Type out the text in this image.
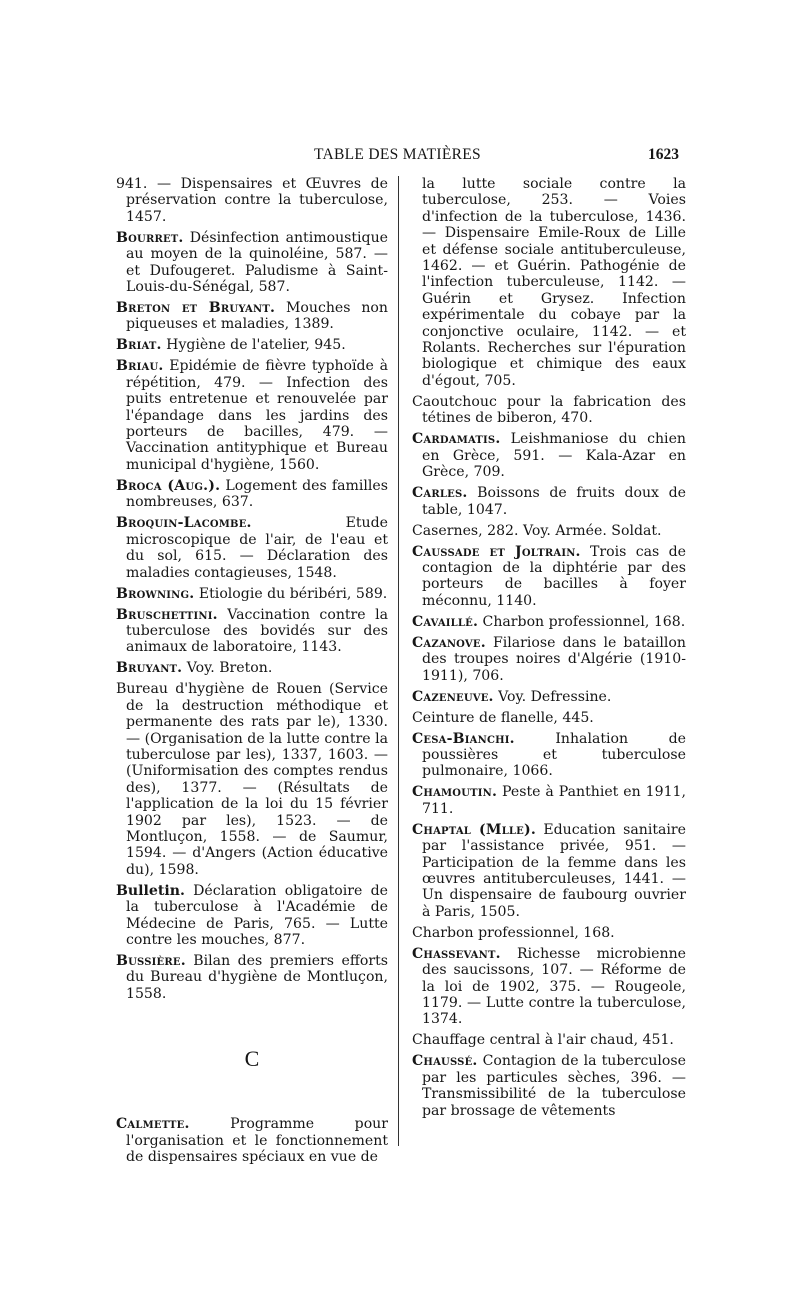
TABLE DES MATIÈRES	1623

941. — Dispensaires et Œuvres de préservation contre la tuberculose, 1457.

Bourret. Désinfection antimoustique au moyen de la quinoléine, 587. — et Dufougeret. Paludisme à Saint-Louis-du-Sénégal, 587.

Breton et Bruyant. Mouches non piqueuses et maladies, 1389.

Briat. Hygiène de l'atelier, 945.

Briau. Epidémie de fièvre typhoïde à répétition, 479. — Infection des puits entretenue et renouvelée par l'épandage dans les jardins des porteurs de bacilles, 479. — Vaccination antityphique et Bureau municipal d'hygiène, 1560.

Broca (Aug.). Logement des familles nombreuses, 637.

Broquin-Lacombe. Etude microscopique de l'air, de l'eau et du sol, 615. — Déclaration des maladies contagieuses, 1548.

Browning. Etiologie du béribéri, 589.

Bruschettini. Vaccination contre la tuberculose des bovidés sur des animaux de laboratoire, 1143.

Bruyant. Voy. Breton.

Bureau d'hygiène de Rouen (Service de la destruction méthodique et permanente des rats par le), 1330. — (Organisation de la lutte contre la tuberculose par les), 1337, 1603. — (Uniformisation des comptes rendus des), 1377. — (Résultats de l'application de la loi du 15 février 1902 par les), 1523. — de Montluçon, 1558. — de Saumur, 1594. — d'Angers (Action éducative du), 1598.

Bulletin. Déclaration obligatoire de la tuberculose à l'Académie de Médecine de Paris, 765. — Lutte contre les mouches, 877.

Bussière. Bilan des premiers efforts du Bureau d'hygiène de Montluçon, 1558.

C

Calmette. Programme pour l'organisation et le fonctionnement de dispensaires spéciaux en vue de

la lutte sociale contre la tuberculose, 253. — Voies d'infection de la tuberculose, 1436. — Dispensaire Emile-Roux de Lille et défense sociale antituberculeuse, 1462. — et Guérin. Pathogénie de l'infection tuberculeuse, 1142. — Guérin et Grysez. Infection expérimentale du cobaye par la conjonctive oculaire, 1142. — et Rolants. Recherches sur l'épuration biologique et chimique des eaux d'égout, 705.

Caoutchouc pour la fabrication des tétines de biberon, 470.

Cardamatis. Leishmaniose du chien en Grèce, 591. — Kala-Azar en Grèce, 709.

Carles. Boissons de fruits doux de table, 1047.

Casernes, 282. Voy. Armée. Soldat.

Caussade et Joltrain. Trois cas de contagion de la diphtérie par des porteurs de bacilles à foyer méconnu, 1140.

Cavaillé. Charbon professionnel, 168.

Cazanove. Filariose dans le bataillon des troupes noires d'Algérie (1910-1911), 706.

Cazeneuve. Voy. Defressine.

Ceinture de flanelle, 445.

Cesa-Bianchi. Inhalation de poussières et tuberculose pulmonaire, 1066.

Chamoutin. Peste à Panthiet en 1911, 711.

Chaptal (Mlle). Education sanitaire par l'assistance privée, 951. — Participation de la femme dans les œuvres antituberculeuses, 1441. — Un dispensaire de faubourg ouvrier à Paris, 1505.

Charbon professionnel, 168.

Chassevant. Richesse microbienne des saucissons, 107. — Réforme de la loi de 1902, 375. — Rougeole, 1179. — Lutte contre la tuberculose, 1374.

Chauffage central à l'air chaud, 451.

Chaussé. Contagion de la tuberculose par les particules sèches, 396. — Transmissibilité de la tuberculose par brossage de vêtements
